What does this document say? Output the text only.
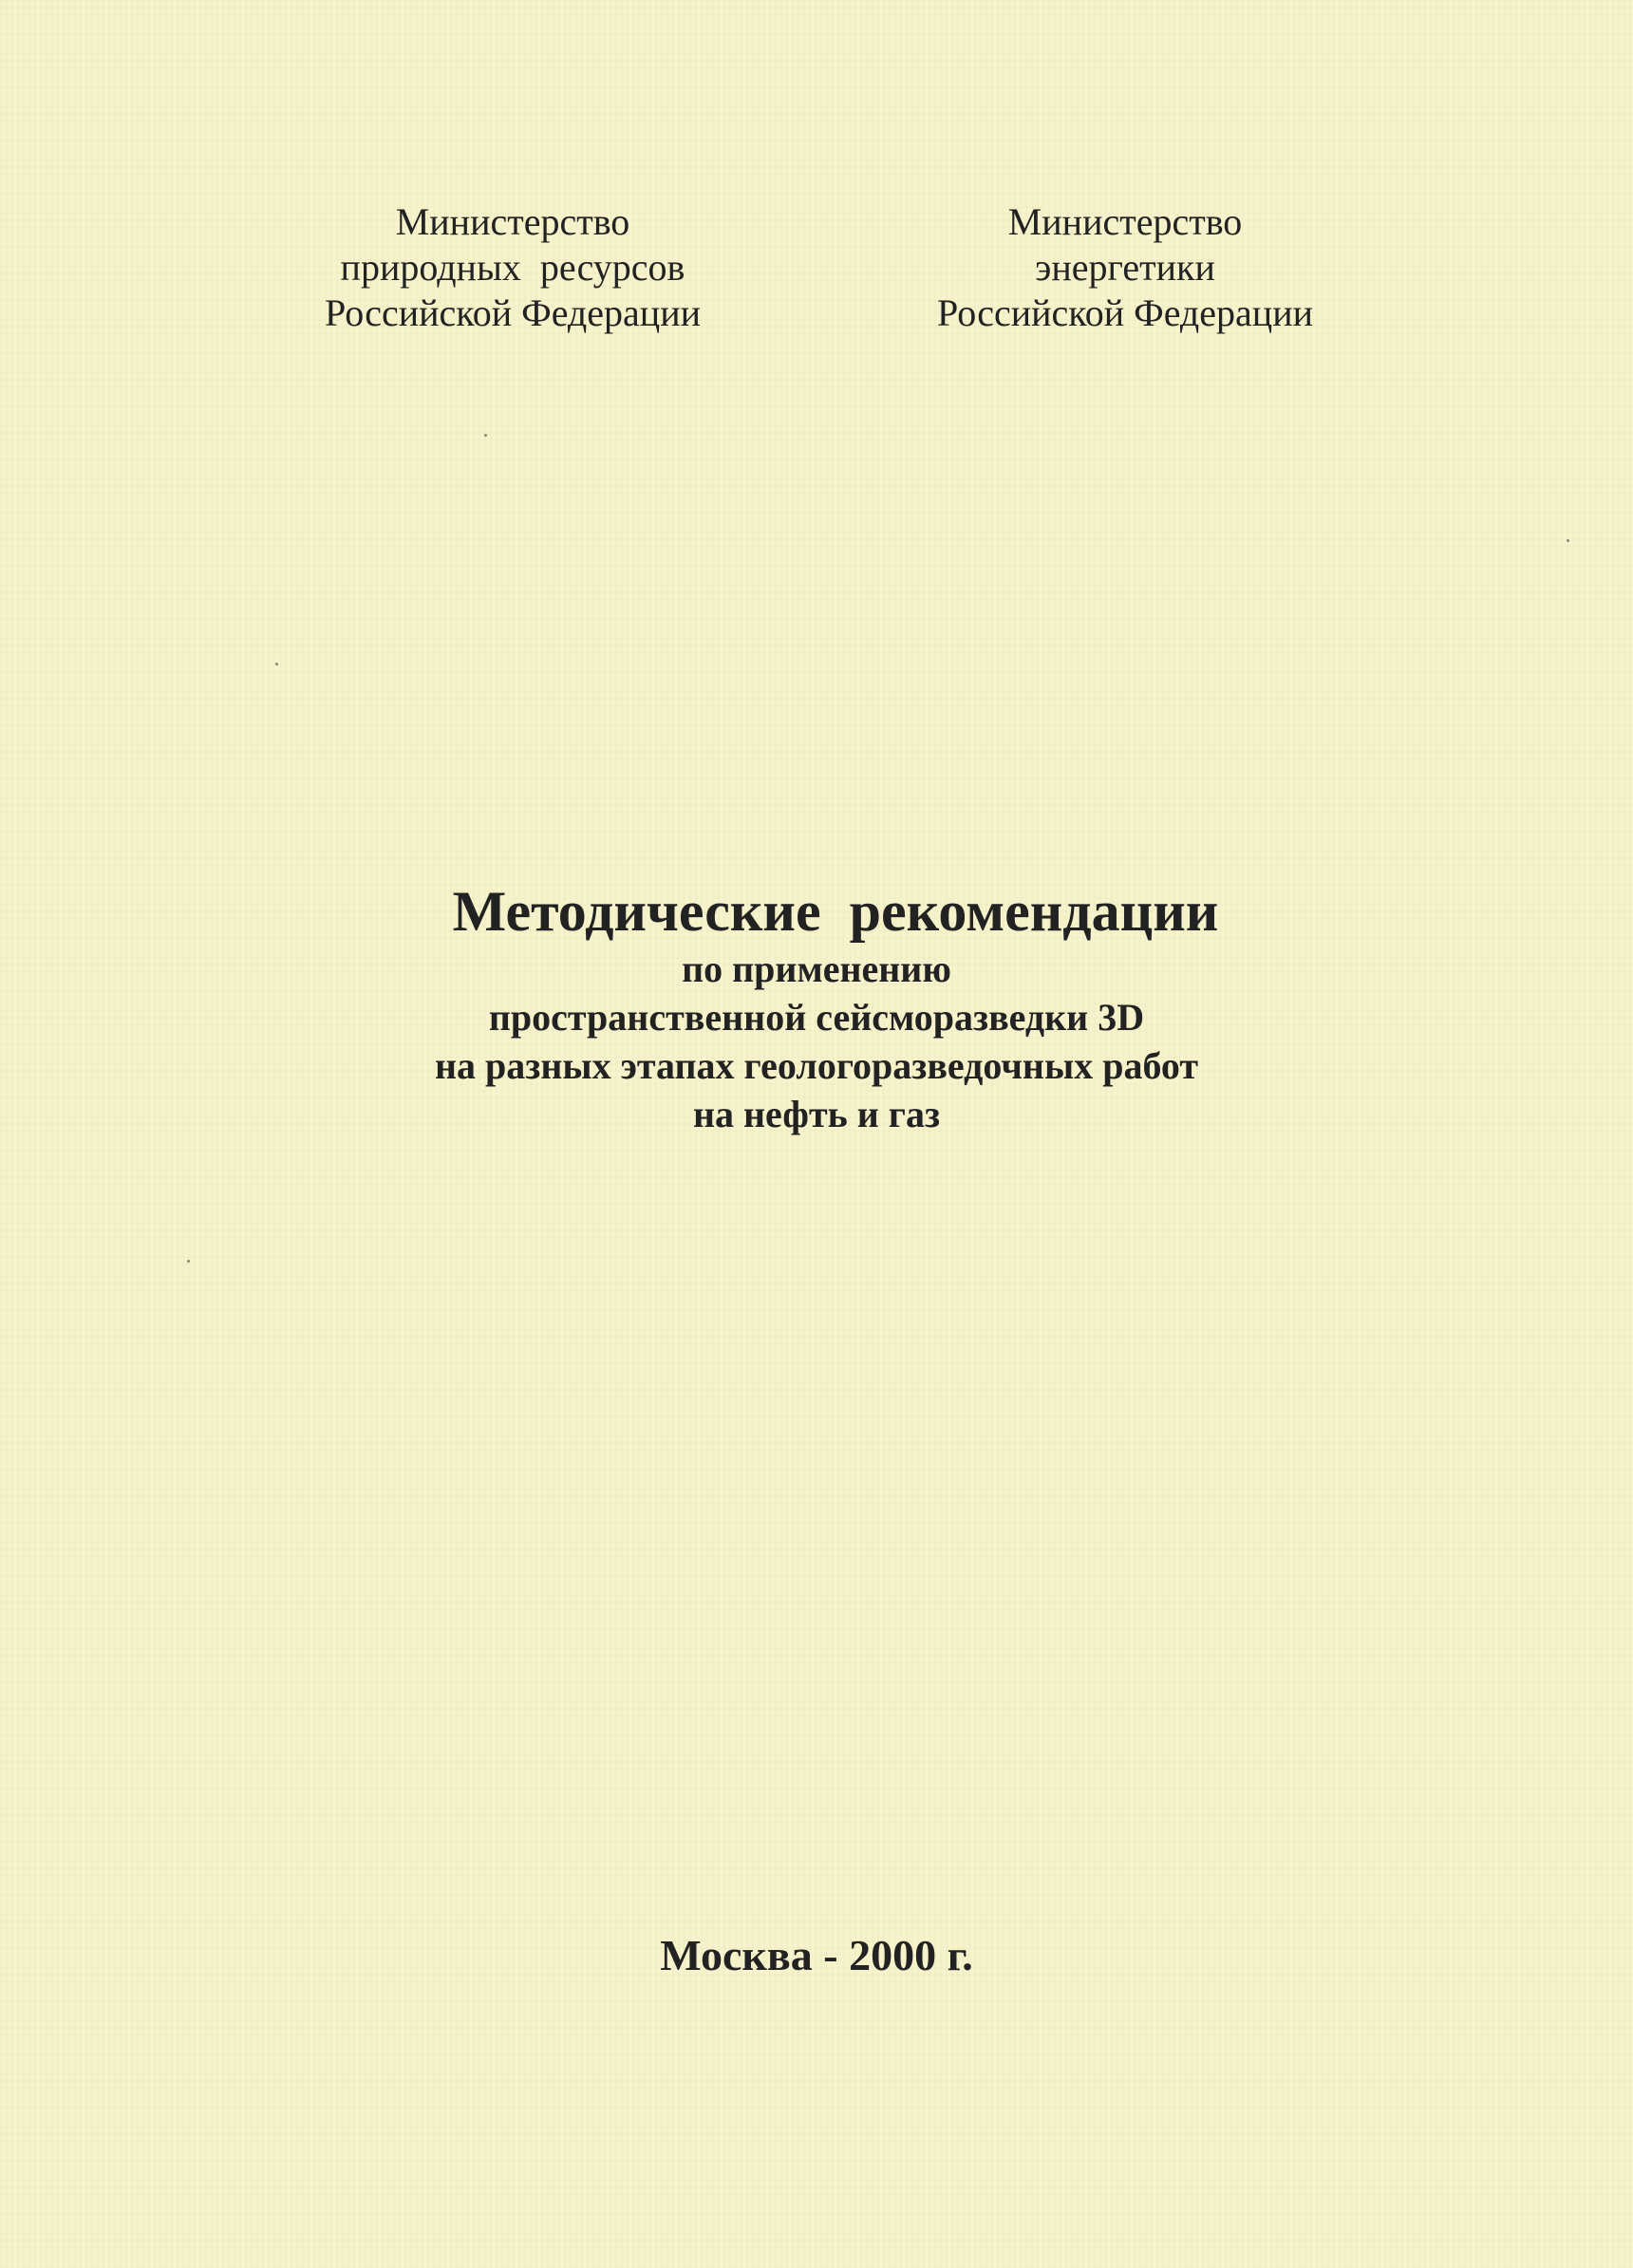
Министерство
природных  ресурсов
Российской Федерации
Министерство
энергетики
Российской Федерации
Методические  рекомендации
по применению
пространственной сейсморазведки 3D
на разных этапах геологоразведочных работ
на нефть и газ
Москва - 2000 г.
